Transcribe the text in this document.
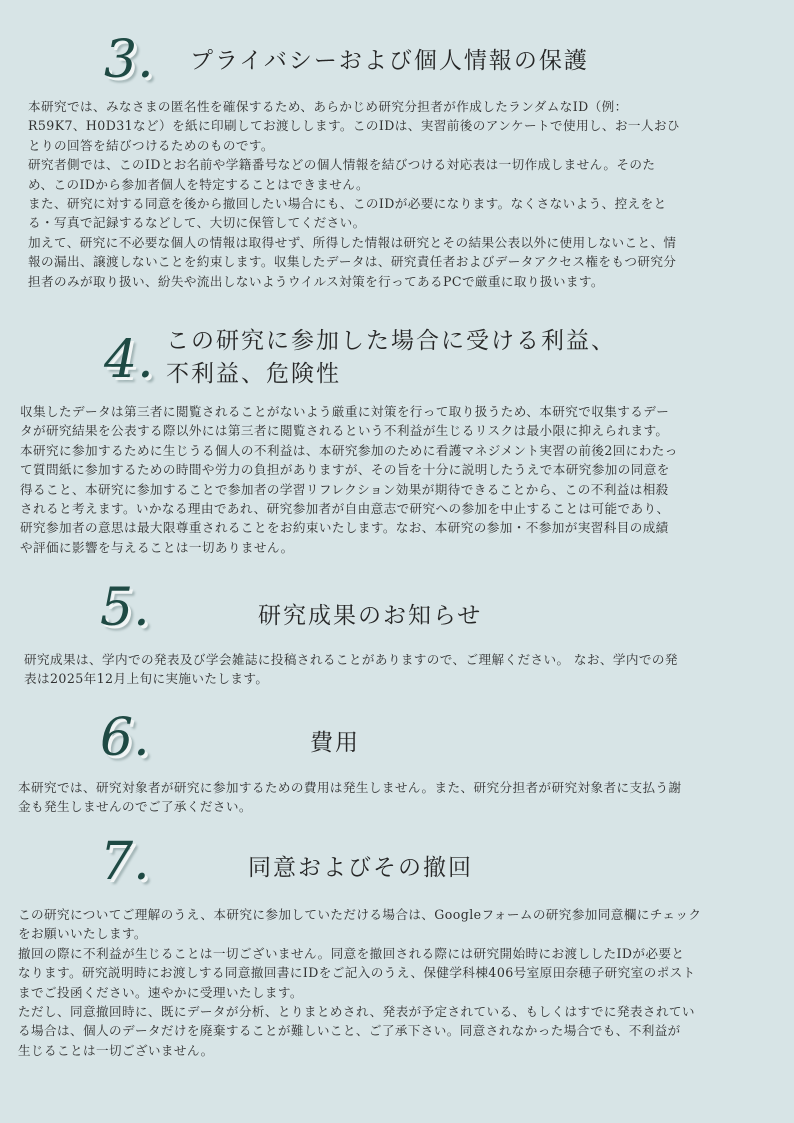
3. プライバシーおよび個人情報の保護

本研究では、みなさまの匿名性を確保するため、あらかじめ研究分担者が作成したランダムなID（例：

R59K7、H0D31など）を紙に印刷してお渡しします。このIDは、実習前後のアンケートで使用し、お一人おひ

とりの回答を結びつけるためのものです。

研究者側では、このIDとお名前や学籍番号などの個人情報を結びつける対応表は一切作成しません。そのた

め、このIDから参加者個人を特定することはできません。

また、研究に対する同意を後から撤回したい場合にも、このIDが必要になります。なくさないよう、控えをと

る・写真で記録するなどして、大切に保管してください。

加えて、研究に不必要な個人の情報は取得せず、所得した情報は研究とその結果公表以外に使用しないこと、情

報の漏出、譲渡しないことを約束します。収集したデータは、研究責任者およびデータアクセス権をもつ研究分

担者のみが取り扱い、紛失や流出しないようウイルス対策を行ってあるPCで厳重に取り扱います。

4. この研究に参加した場合に受ける利益、
不利益、危険性

収集したデータは第三者に閲覧されることがないよう厳重に対策を行って取り扱うため、本研究で収集するデー

タが研究結果を公表する際以外には第三者に閲覧されるという不利益が生じるリスクは最小限に抑えられます。

本研究に参加するために生じうる個人の不利益は、本研究参加のために看護マネジメント実習の前後2回にわたっ

て質問紙に参加するための時間や労力の負担がありますが、その旨を十分に説明したうえで本研究参加の同意を

得ること、本研究に参加することで参加者の学習リフレクション効果が期待できることから、この不利益は相殺

されると考えます。いかなる理由であれ、研究参加者が自由意志で研究への参加を中止することは可能であり、

研究参加者の意思は最大限尊重されることをお約束いたします。なお、本研究の参加・不参加が実習科目の成績

や評価に影響を与えることは一切ありません。

5.	研究成果のお知らせ

研究成果は、学内での発表及び学会雑誌に投稿されることがありますので、ご理解ください。 なお、学内での発

表は2025年12月上旬に実施いたします。

6.	費用

本研究では、研究対象者が研究に参加するための費用は発生しません。また、研究分担者が研究対象者に支払う謝

金も発生しませんのでご了承ください。

7.	同意およびその撤回

この研究についてご理解のうえ、本研究に参加していただける場合は、Googleフォームの研究参加同意欄にチェック

をお願いいたします。

撤回の際に不利益が生じることは一切ございません。同意を撤回される際には研究開始時にお渡ししたIDが必要と

なります。研究説明時にお渡しする同意撤回書にIDをご記入のうえ、保健学科棟406号室原田奈穂子研究室のポスト

までご投函ください。速やかに受理いたします。

ただし、同意撤回時に、既にデータが分析、とりまとめされ、発表が予定されている、もしくはすでに発表されてい

る場合は、個人のデータだけを廃棄することが難しいこと、ご了承下さい。同意されなかった場合でも、不利益が

生じることは一切ございません。
